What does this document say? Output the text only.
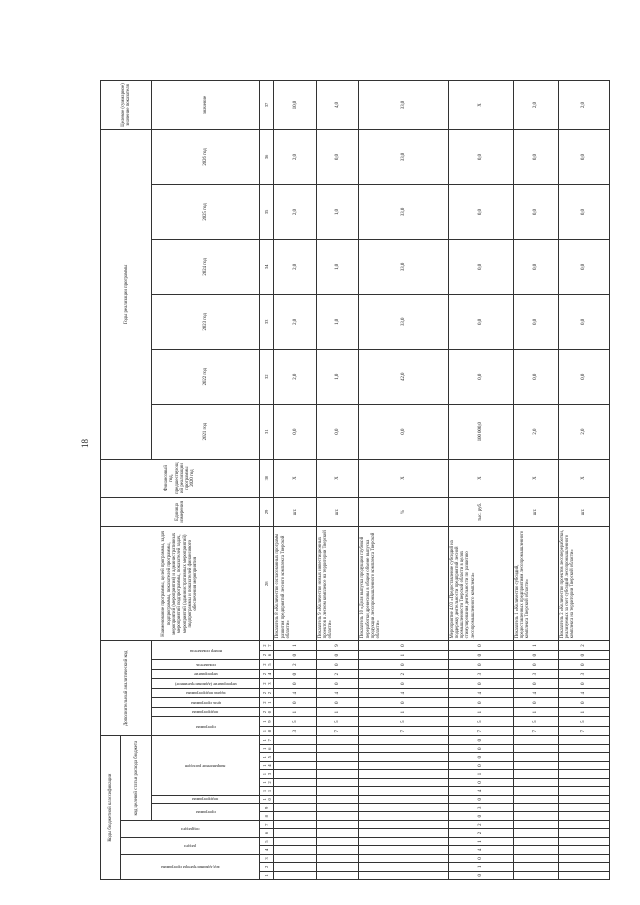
18
Коды бюджетной классификации																	Дополнительный аналитический код										Наименование программы, целей программы, задач подпрограммы, показателей программы, мероприятий (мероприятия) и административных мероприятий подпрограммы, показателей задач, мероприятий (административных мероприятий) подпрограммы и показателей финансового обеспечения мероприятия	Единица измерения	Финансовый год, предшествующий реализации программы 2020 год	Годы реализации программы						Целевое (суммарное) значение показателя

код администратора программы			раздел		подраздел		код целевой статьи расхода бюджета																													

							программа		подпрограмма	направление расходов							программа		подпрограмма	цель программы	задача подпрограммы	мероприятие (административное)	мероприятие	показатель	номер показателя					2021 год	2022 год	2023 год	2024 год	2025 год	2026 год	значение
1	2	3	4	5	6	7	8	9	10	11	12	13	14	15	16	17	18	19	20	21	22	23	24	25	26	27	28	29	30	31	32	33	34	35	36	37
																	3	5	1	0	4	0	0	2	0	1	Показатель 8 «Количество согласованных программ развития предприятий лесного комплекса Тверской области»	шт.	X	0,0	2,0	2,0	2,0	2,0	2,0	10,0
																	7	5	1	0	4	0	2	0	0	9	Показатель 9 «Количество новых инвестиционных проектов в лесном комплексе на территории Тверской области»	шт.	X	0,0	1,0	1,0	1,0	1,0	0,0	4,0
																	7	5	1	0	4	0	2	0	1	0	Показатель 10 «Доля выпуска продукции глубокой переработки древесины в общем объеме выпуска продукции лесопромышленного комплекса Тверской области»	%	X	0,0	42,0	33,0	33,0	33,0	33,0	33,0
0	1	0	4	1	2	2	0	3	0	4	0	1	0	0	0	0	7	5	1	0	4	0	3	0	0	0	Мероприятие 4.03 «Предоставление субсидий на поддержку деятельности предприятий лесной промышленности Тверской области в целях стимулирования деятельности по развитию лесопромышленного комплекса»	тыс. руб.	X	100 000,0	0,0	0,0	0,0	0,0	0,0	X
																	7	5	1	0	4	0	3	0	0	1	Показатель 1 «Количество субсидий, предоставленных предприятиям лесопромышленного комплекса Тверской области»	шт.	X	2,0	0,0	0,0	0,0	0,0	0,0	2,0
																	7	5	1	0	4	0	3	0	0	2	Показатель 2 «Количество проектов лесопереработки, реализуемых за счет субсидий лесопромышленного комплекса на территории Тверской области»	шт.	X	2,0	0,0	0,0	0,0	0,0	0,0	2,0
